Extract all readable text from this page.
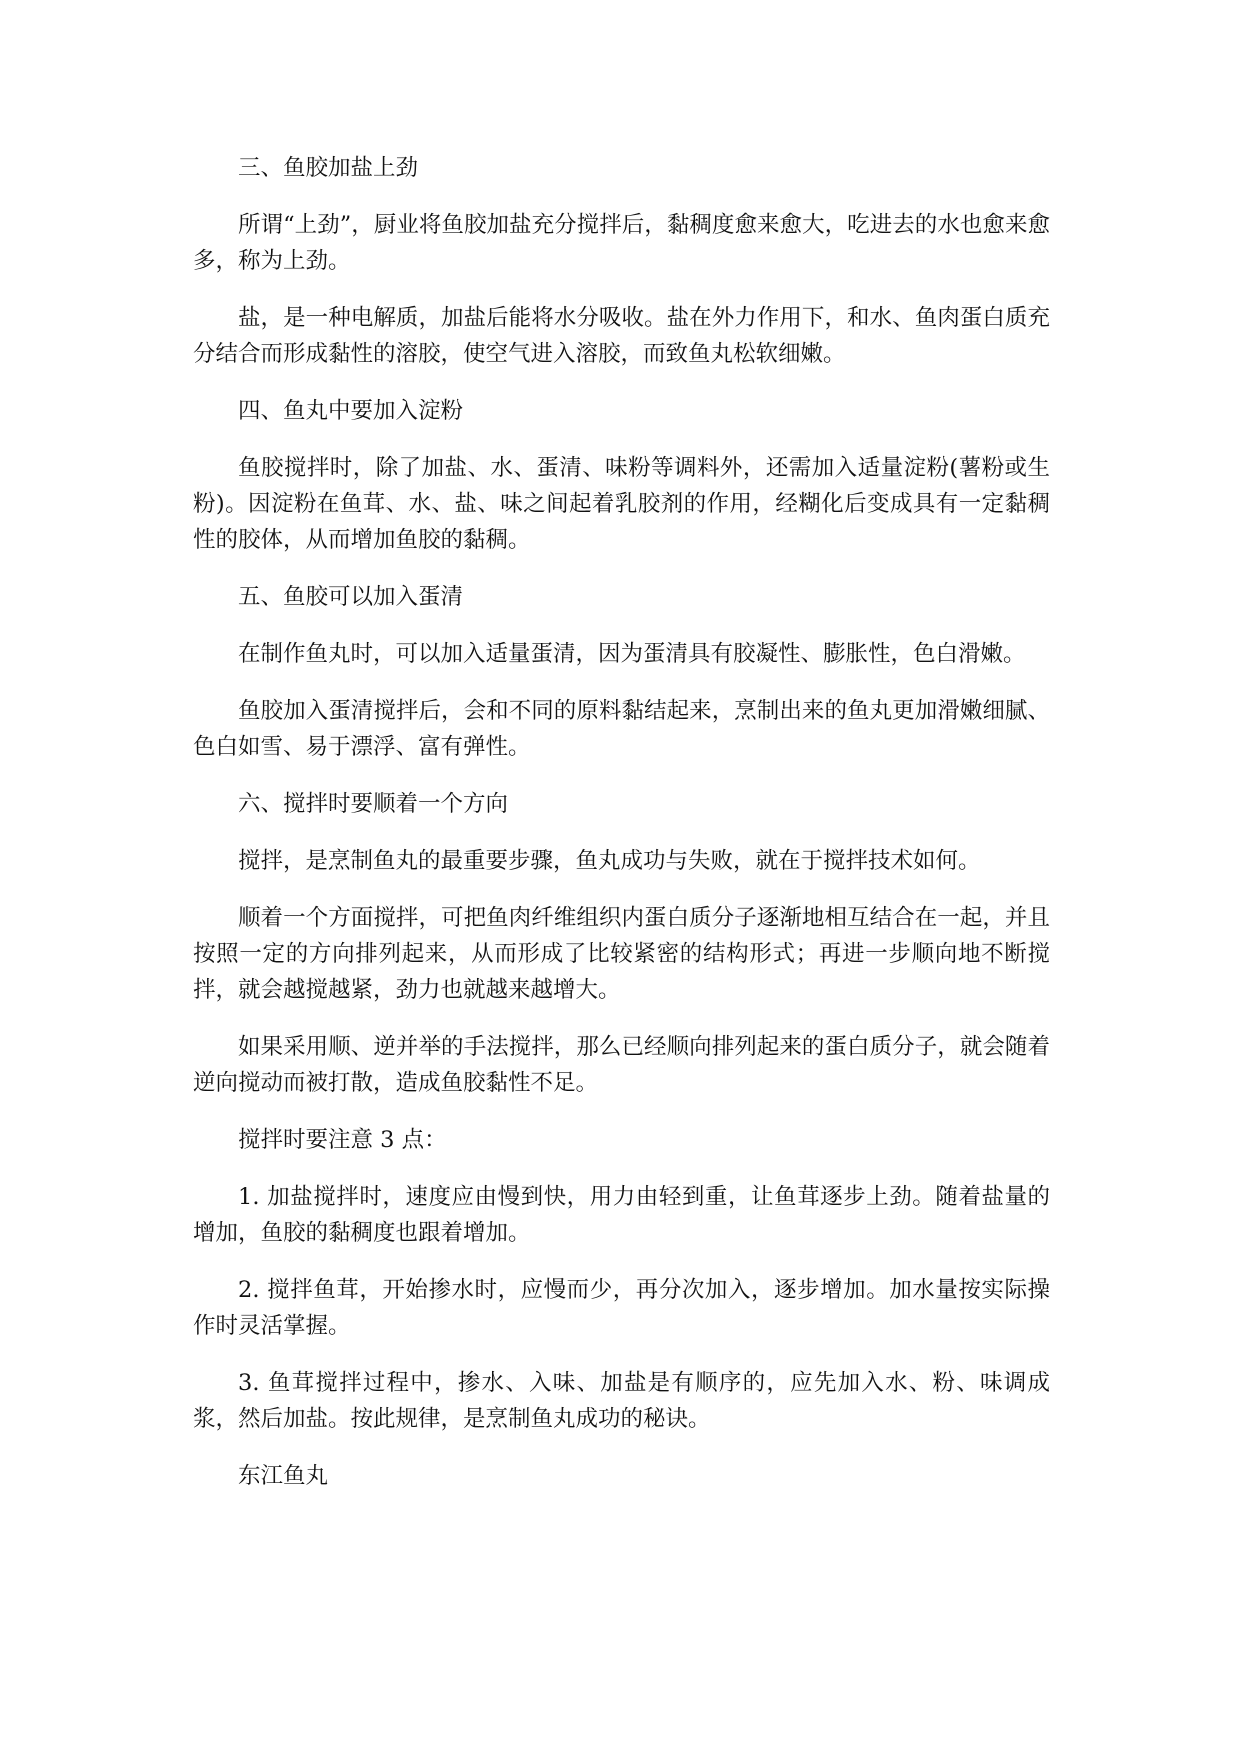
三、鱼胶加盐上劲

所谓“上劲”，厨业将鱼胶加盐充分搅拌后，黏稠度愈来愈大，吃进去的水也愈来愈多，称为上劲。

盐，是一种电解质，加盐后能将水分吸收。盐在外力作用下，和水、鱼肉蛋白质充分结合而形成黏性的溶胶，使空气进入溶胶，而致鱼丸松软细嫩。

四、鱼丸中要加入淀粉

鱼胶搅拌时，除了加盐、水、蛋清、味粉等调料外，还需加入适量淀粉(薯粉或生粉)。因淀粉在鱼茸、水、盐、味之间起着乳胶剂的作用，经糊化后变成具有一定黏稠性的胶体，从而增加鱼胶的黏稠。

五、鱼胶可以加入蛋清

在制作鱼丸时，可以加入适量蛋清，因为蛋清具有胶凝性、膨胀性，色白滑嫩。

鱼胶加入蛋清搅拌后，会和不同的原料黏结起来，烹制出来的鱼丸更加滑嫩细腻、色白如雪、易于漂浮、富有弹性。

六、搅拌时要顺着一个方向

搅拌，是烹制鱼丸的最重要步骤，鱼丸成功与失败，就在于搅拌技术如何。

顺着一个方面搅拌，可把鱼肉纤维组织内蛋白质分子逐渐地相互结合在一起，并且按照一定的方向排列起来，从而形成了比较紧密的结构形式；再进一步顺向地不断搅拌，就会越搅越紧，劲力也就越来越增大。

如果采用顺、逆并举的手法搅拌，那么已经顺向排列起来的蛋白质分子，就会随着逆向搅动而被打散，造成鱼胶黏性不足。

搅拌时要注意 3 点：

1. 加盐搅拌时，速度应由慢到快，用力由轻到重，让鱼茸逐步上劲。随着盐量的增加，鱼胶的黏稠度也跟着增加。

2. 搅拌鱼茸，开始掺水时，应慢而少，再分次加入，逐步增加。加水量按实际操作时灵活掌握。

3. 鱼茸搅拌过程中，掺水、入味、加盐是有顺序的，应先加入水、粉、味调成浆，然后加盐。按此规律，是烹制鱼丸成功的秘诀。

东江鱼丸
